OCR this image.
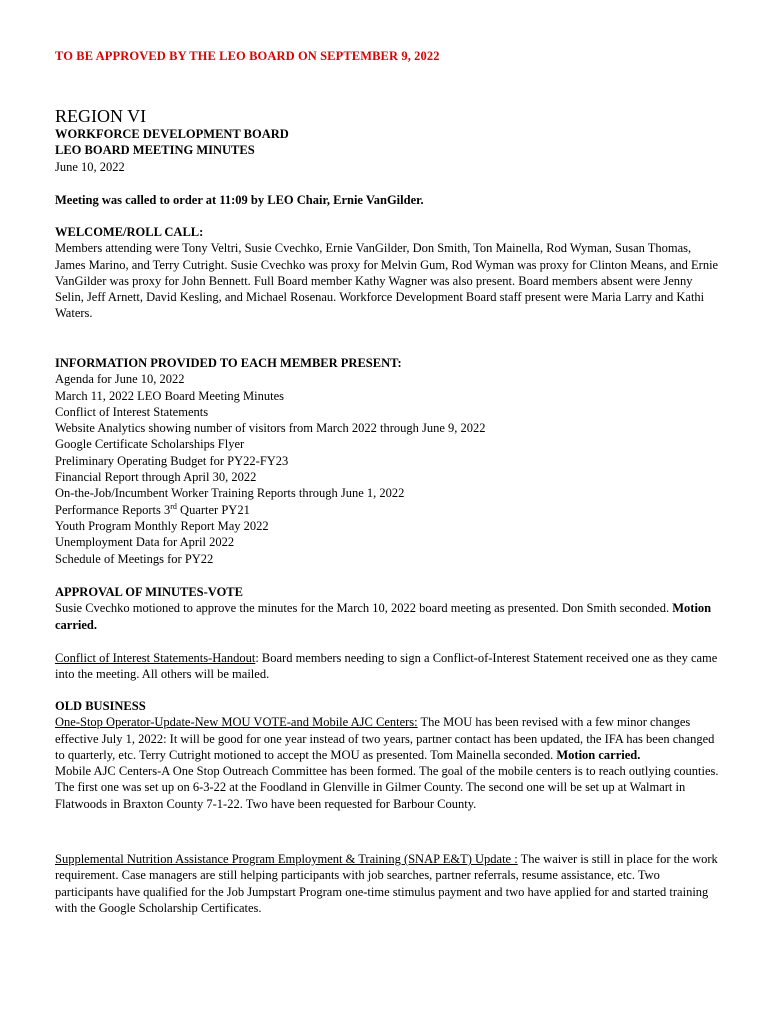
TO BE APPROVED BY THE LEO BOARD ON SEPTEMBER 9, 2022
REGION VI

WORKFORCE DEVELOPMENT BOARD

LEO BOARD MEETING MINUTES

June 10, 2022

Meeting was called to order at 11:09 by LEO Chair, Ernie VanGilder.

WELCOME/ROLL CALL:

Members attending were Tony Veltri, Susie Cvechko, Ernie VanGilder, Don Smith, Ton Mainella, Rod Wyman, Susan Thomas, James Marino, and Terry Cutright. Susie Cvechko was proxy for Melvin Gum, Rod Wyman was proxy for Clinton Means, and Ernie VanGilder was proxy for John Bennett. Full Board member Kathy Wagner was also present. Board members absent were Jenny Selin, Jeff Arnett, David Kesling, and Michael Rosenau. Workforce Development Board staff present were Maria Larry and Kathi Waters.

INFORMATION PROVIDED TO EACH MEMBER PRESENT:

Agenda for June 10, 2022

March 11, 2022 LEO Board Meeting Minutes

Conflict of Interest Statements

Website Analytics showing number of visitors from March 2022 through June 9, 2022

Google Certificate Scholarships Flyer

Preliminary Operating Budget for PY22-FY23

Financial Report through April 30, 2022

On-the-Job/Incumbent Worker Training Reports through June 1, 2022

Performance Reports 3rd Quarter PY21

Youth Program Monthly Report May 2022

Unemployment Data for April 2022

Schedule of Meetings for PY22

APPROVAL OF MINUTES-VOTE

Susie Cvechko motioned to approve the minutes for the March 10, 2022 board meeting as presented. Don Smith seconded. Motion carried.

Conflict of Interest Statements-Handout: Board members needing to sign a Conflict-of-Interest Statement received one as they came into the meeting. All others will be mailed.

OLD BUSINESS

One-Stop Operator-Update-New MOU VOTE-and Mobile AJC Centers: The MOU has been revised with a few minor changes effective July 1, 2022: It will be good for one year instead of two years, partner contact has been updated, the IFA has been changed to quarterly, etc. Terry Cutright motioned to accept the MOU as presented. Tom Mainella seconded. Motion carried.

Mobile AJC Centers-A One Stop Outreach Committee has been formed. The goal of the mobile centers is to reach outlying counties. The first one was set up on 6-3-22 at the Foodland in Glenville in Gilmer County. The second one will be set up at Walmart in Flatwoods in Braxton County 7-1-22. Two have been requested for Barbour County.

Supplemental Nutrition Assistance Program Employment & Training (SNAP E&T) Update : The waiver is still in place for the work requirement. Case managers are still helping participants with job searches, partner referrals, resume assistance, etc. Two participants have qualified for the Job Jumpstart Program one-time stimulus payment and two have applied for and started training with the Google Scholarship Certificates.
